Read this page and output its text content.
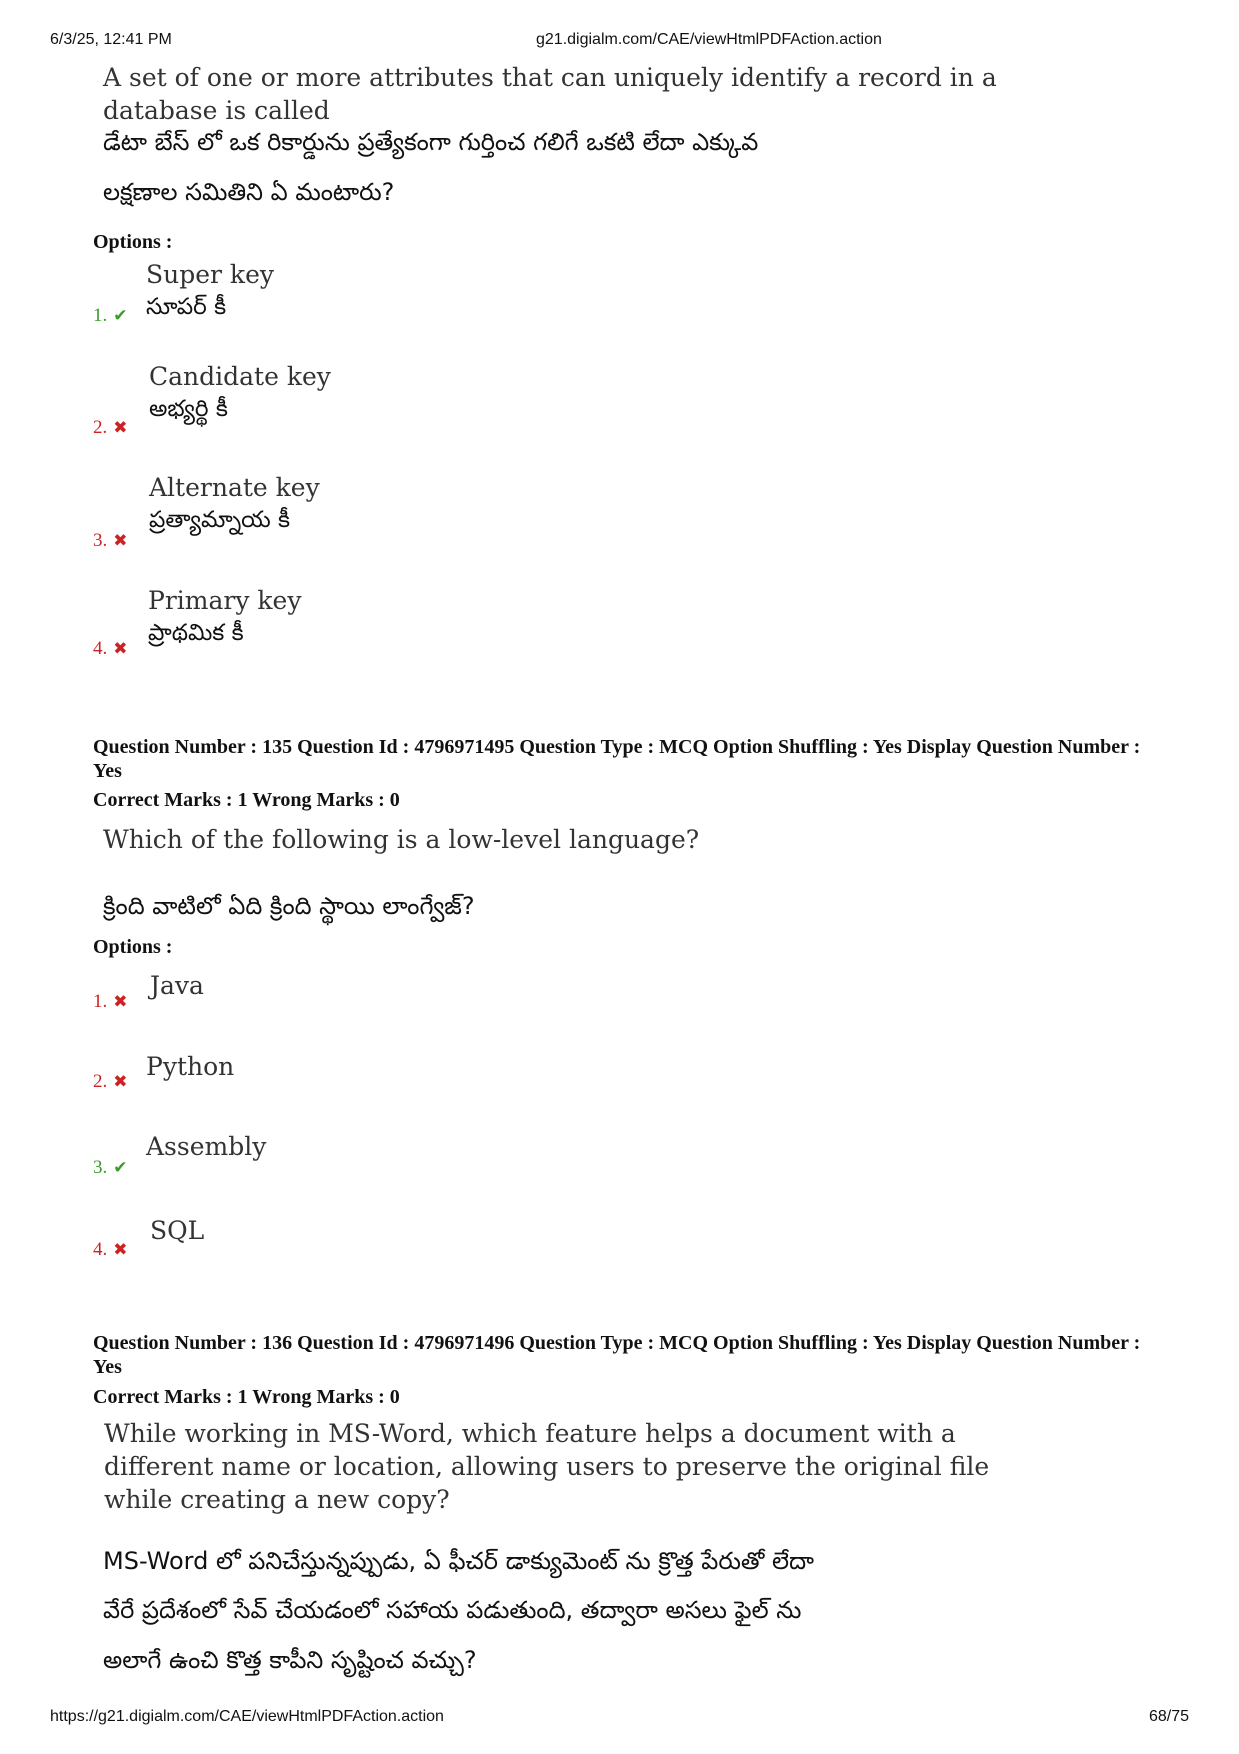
6/3/25, 12:41 PM	g21.digialm.com/CAE/viewHtmlPDFAction.action
A set of one or more attributes that can uniquely identify a record in a
database is called
డేటా బేస్ లో ఒక రికార్డును ప్రత్యేకంగా గుర్తించ గలిగే ఒకటి లేదా ఎక్కువ
లక్షణాల సమితిని ఏ మంటారు?
Options :
1. ✔
Super key
సూపర్ కీ
2. ✖
Candidate key
అభ్యర్థి కీ
3. ✖
Alternate key
ప్రత్యామ్నాయ కీ
4. ✖
Primary key
ప్రాథమిక కీ
Question Number : 135 Question Id : 4796971495 Question Type : MCQ Option Shuffling : Yes Display Question Number : Yes
Correct Marks : 1 Wrong Marks : 0
Which of the following is a low-level language?
క్రింది వాటిలో ఏది క్రింది స్థాయి లాంగ్వేజ్?
Options :
1. ✖
Java
2. ✖
Python
3. ✔
Assembly
4. ✖
SQL
Question Number : 136 Question Id : 4796971496 Question Type : MCQ Option Shuffling : Yes Display Question Number : Yes
Correct Marks : 1 Wrong Marks : 0
While working in MS-Word, which feature helps a document with a
different name or location, allowing users to preserve the original file
while creating a new copy?
MS-Word లో పనిచేస్తున్నప్పుడు, ఏ ఫీచర్ డాక్యుమెంట్ ను క్రొత్త పేరుతో లేదా
వేరే ప్రదేశంలో సేవ్ చేయడంలో సహాయ పడుతుంది, తద్వారా అసలు ఫైల్ ను
అలాగే ఉంచి కొత్త కాపీని సృష్టించ వచ్చు?
https://g21.digialm.com/CAE/viewHtmlPDFAction.action	68/75
